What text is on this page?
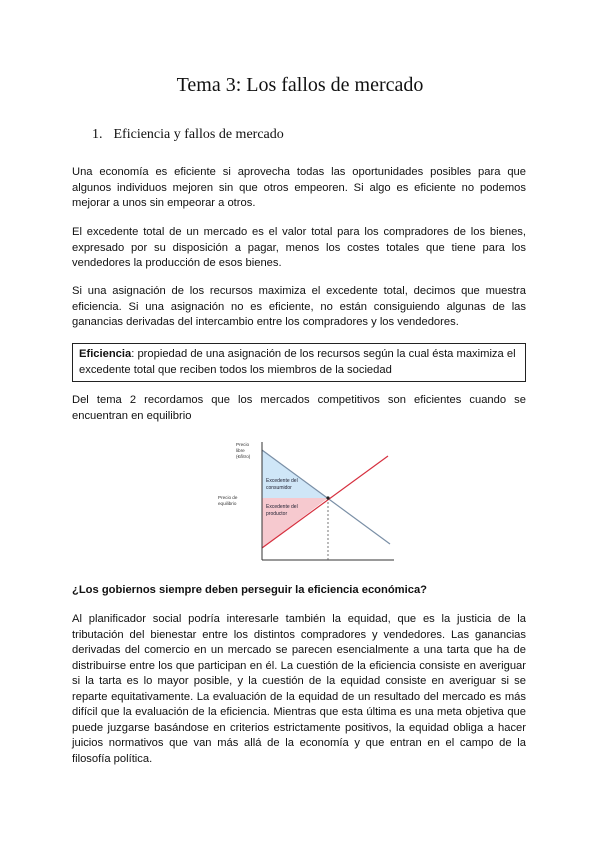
Tema 3: Los fallos de mercado
1. Eficiencia y fallos de mercado

Una economía es eficiente si aprovecha todas las oportunidades posibles para que algunos individuos mejoren sin que otros empeoren. Si algo es eficiente no podemos mejorar a unos sin empeorar a otros.

El excedente total de un mercado es el valor total para los compradores de los bienes, expresado por su disposición a pagar, menos los costes totales que tiene para los vendedores la producción de esos bienes.

Si una asignación de los recursos maximiza el excedente total, decimos que muestra eficiencia. Si una asignación no es eficiente, no están consiguiendo algunas de las ganancias derivadas del intercambio entre los compradores y los vendedores.

Eficiencia: propiedad de una asignación de los recursos según la cual ésta maximiza el excedente total que reciben todos los miembros de la sociedad

Del tema 2 recordamos que los mercados competitivos son eficientes cuando se encuentran en equilibrio

Precio
libre
(€/litro)
Precio de
equilibrio
Excedente del
consumidor
Excedente del
productor
¿Los gobiernos siempre deben perseguir la eficiencia económica?

Al planificador social podría interesarle también la equidad, que es la justicia de la tributación del bienestar entre los distintos compradores y vendedores. Las ganancias derivadas del comercio en un mercado se parecen esencialmente a una tarta que ha de distribuirse entre los que participan en él. La cuestión de la eficiencia consiste en averiguar si la tarta es lo mayor posible, y la cuestión de la equidad consiste en averiguar si se reparte equitativamente. La evaluación de la equidad de un resultado del mercado es más difícil que la evaluación de la eficiencia. Mientras que esta última es una meta objetiva que puede juzgarse basándose en criterios estrictamente positivos, la equidad obliga a hacer juicios normativos que van más allá de la economía y que entran en el campo de la filosofía política.
